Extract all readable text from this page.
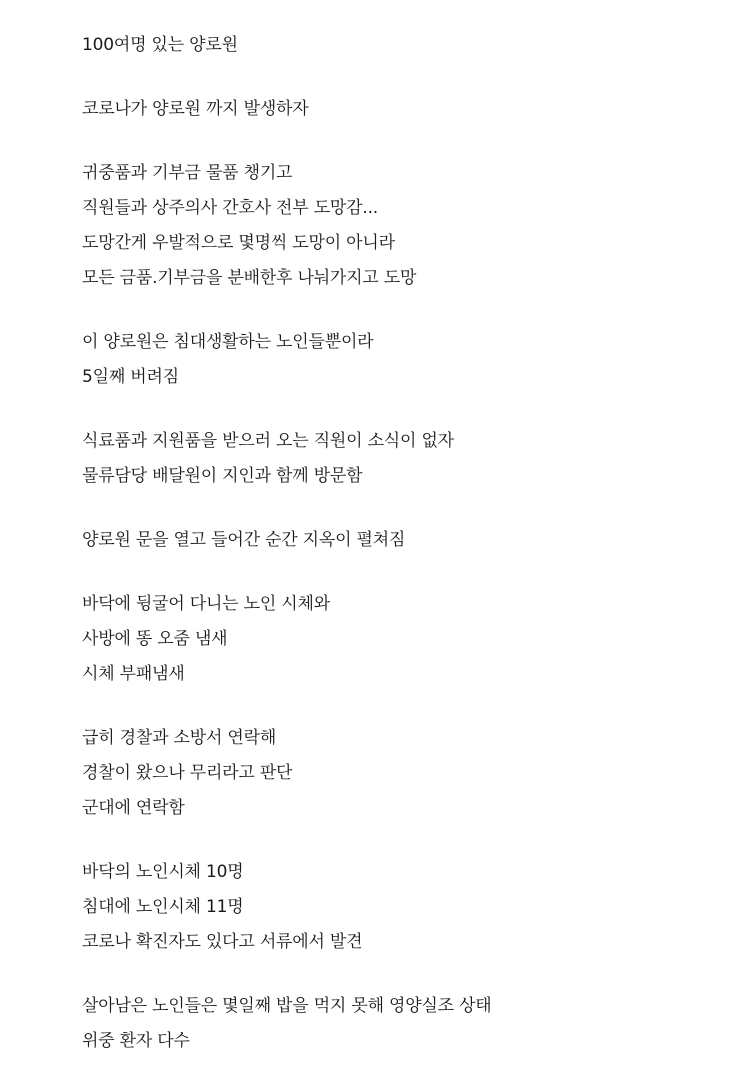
100여명 있는 양로원
코로나가 양로원 까지 발생하자
귀중품과 기부금 물품 챙기고
직원들과 상주의사 간호사 전부 도망감...
도망간게 우발적으로 몇명씩 도망이 아니라
모든 금품.기부금을 분배한후 나눠가지고 도망
이 양로원은 침대생활하는 노인들뿐이라
5일째 버려짐
식료품과 지원품을 받으러 오는 직원이 소식이 없자
물류담당 배달원이 지인과 함께 방문함
양로원 문을 열고 들어간 순간 지옥이 펼쳐짐
바닥에 뒹굴어 다니는 노인 시체와
사방에 똥 오줌 냄새
시체 부패냄새
급히 경찰과 소방서 연락해
경찰이 왔으나 무리라고 판단
군대에 연락함
바닥의 노인시체 10명
침대에 노인시체 11명
코로나 확진자도 있다고 서류에서 발견
살아남은 노인들은 몇일째 밥을 먹지 못해 영양실조 상태
위중 환자 다수
